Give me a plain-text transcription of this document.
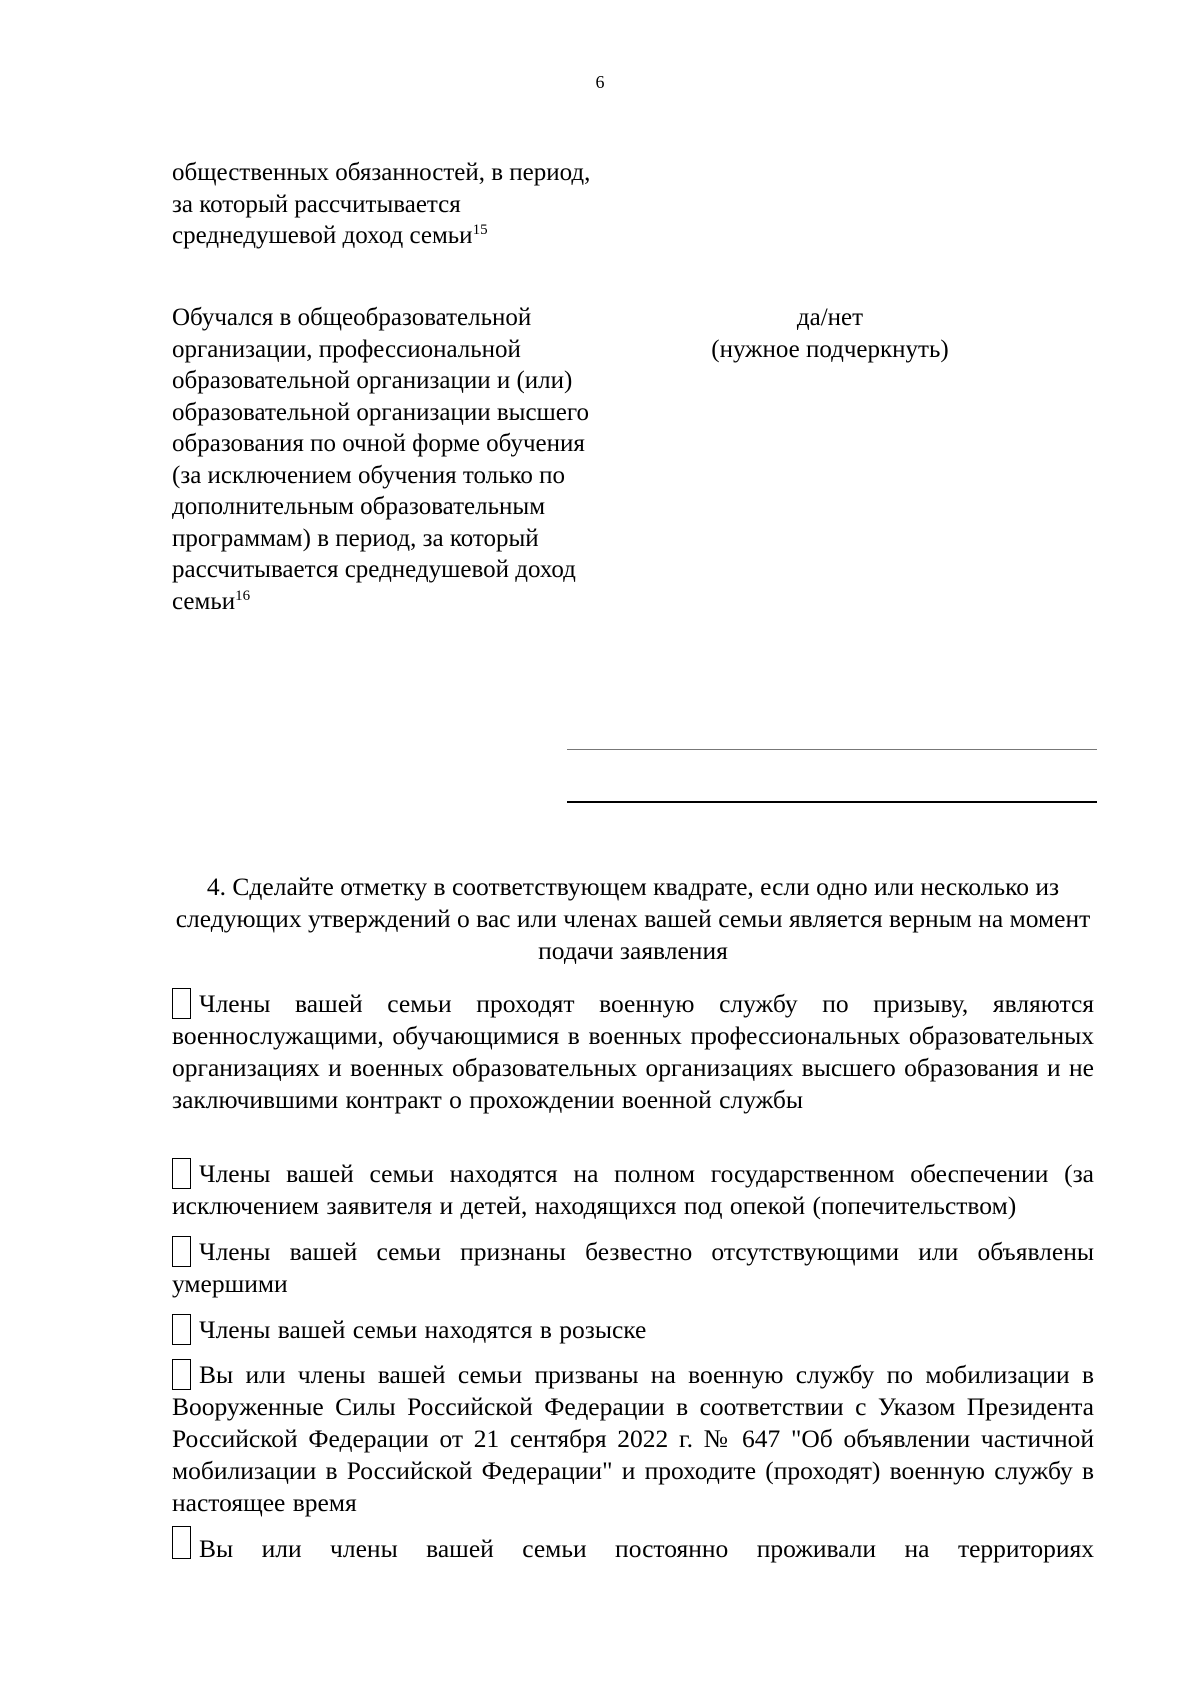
6
общественных обязанностей, в период, за который рассчитывается среднедушевой доход семьи$^{15}$
Обучался в общеобразовательной организации, профессиональной образовательной организации и (или) образовательной организации высшего образования по очной форме обучения (за исключением обучения только по дополнительным образовательным программам) в период, за который рассчитывается среднедушевой доход семьи$^{16}$
да/нет
(нужное подчеркнуть)
4. Сделайте отметку в соответствующем квадрате, если одно или несколько из следующих утверждений о вас или членах вашей семьи является верным на момент подачи заявления
Члены вашей семьи проходят военную службу по призыву, являются военнослужащими, обучающимися в военных профессиональных образовательных организациях и военных образовательных организациях высшего образования и не заключившими контракт о прохождении военной службы
Члены вашей семьи находятся на полном государственном обеспечении (за исключением заявителя и детей, находящихся под опекой (попечительством)
Члены вашей семьи признаны безвестно отсутствующими или объявлены умершими
Члены вашей семьи находятся в розыске
Вы или члены вашей семьи призваны на военную службу по мобилизации в Вооруженные Силы Российской Федерации в соответствии с Указом Президента Российской Федерации от 21 сентября 2022 г. № 647 "Об объявлении частичной мобилизации в Российской Федерации" и проходите (проходят) военную службу в настоящее время
Вы или члены вашей семьи постоянно проживали на территориях
